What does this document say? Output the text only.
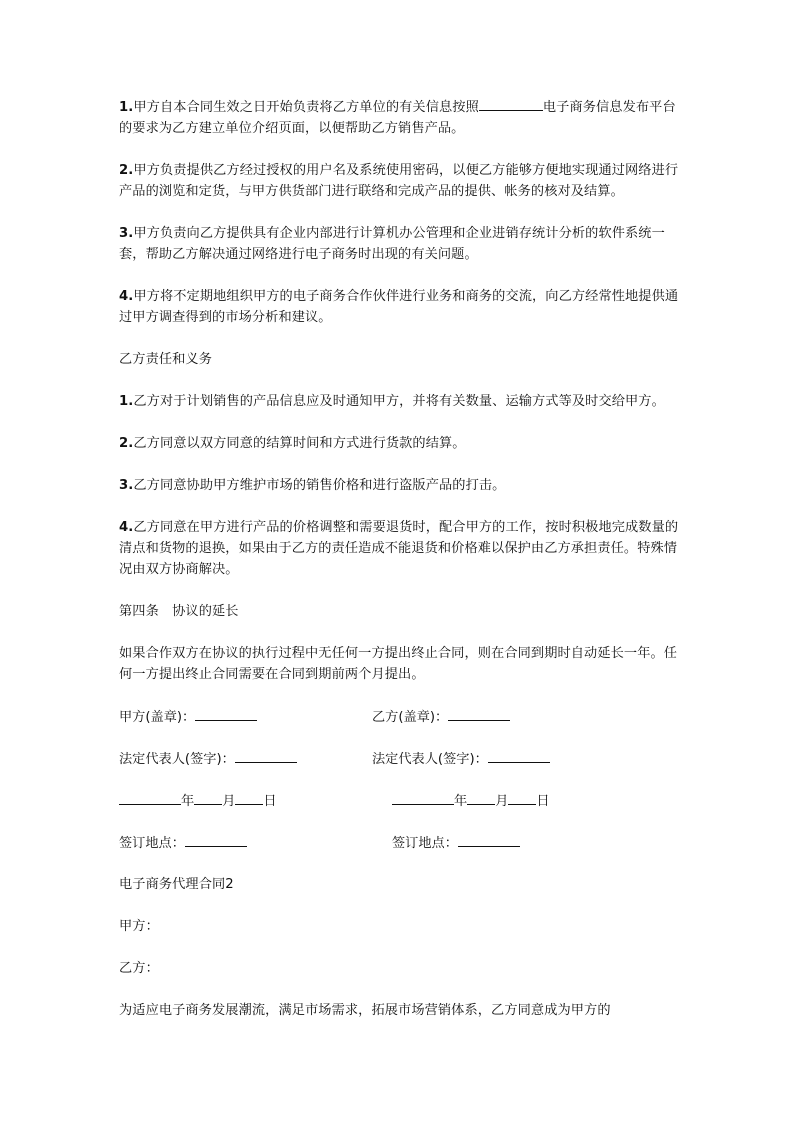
1.甲方自本合同生效之日开始负责将乙方单位的有关信息按照	电子商务信息发布平台的要求为乙方建立单位介绍页面，以便帮助乙方销售产品。

2.甲方负责提供乙方经过授权的用户名及系统使用密码，以便乙方能够方便地实现通过网络进行产品的浏览和定货，与甲方供货部门进行联络和完成产品的提供、帐务的核对及结算。

3.甲方负责向乙方提供具有企业内部进行计算机办公管理和企业进销存统计分析的软件系统一套，帮助乙方解决通过网络进行电子商务时出现的有关问题。

4.甲方将不定期地组织甲方的电子商务合作伙伴进行业务和商务的交流，向乙方经常性地提供通过甲方调查得到的市场分析和建议。

乙方责任和义务

1.乙方对于计划销售的产品信息应及时通知甲方，并将有关数量、运输方式等及时交给甲方。

2.乙方同意以双方同意的结算时间和方式进行货款的结算。

3.乙方同意协助甲方维护市场的销售价格和进行盗版产品的打击。

4.乙方同意在甲方进行产品的价格调整和需要退货时，配合甲方的工作，按时积极地完成数量的清点和货物的退换，如果由于乙方的责任造成不能退货和价格难以保护由乙方承担责任。特殊情况由双方协商解决。

第四条　协议的延长

如果合作双方在协议的执行过程中无任何一方提出终止合同，则在合同到期时自动延长一年。任何一方提出终止合同需要在合同到期前两个月提出。

甲方(盖章)：	乙方(盖章)：
法定代表人(签字)：	法定代表人(签字)：
年 月 日	年 月 日
签订地点：	签订地点：

电子商务代理合同2

甲方：

乙方：

为适应电子商务发展潮流，满足市场需求，拓展市场营销体系，乙方同意成为甲方的
